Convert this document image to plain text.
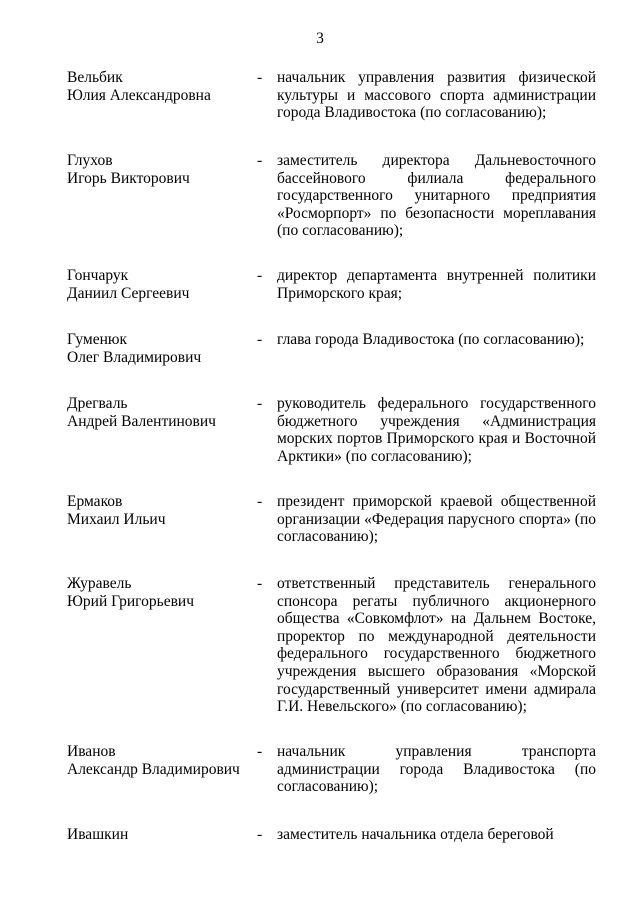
3
Вельбик
Юлия Александровна
- начальник управления развития физической культуры и массового спорта администрации города Владивостока (по согласованию);
Глухов
Игорь Викторович
- заместитель директора Дальневосточного бассейнового филиала федерального государственного унитарного предприятия «Росморпорт» по безопасности мореплавания (по согласованию);
Гончарук
Даниил Сергеевич
- директор департамента внутренней политики Приморского края;
Гуменюк
Олег Владимирович
- глава города Владивостока (по согласованию);
Дрегваль
Андрей Валентинович
- руководитель федерального государственного бюджетного учреждения «Администрация морских портов Приморского края и Восточной Арктики» (по согласованию);
Ермаков
Михаил Ильич
- президент приморской краевой общественной организации «Федерация парусного спорта» (по согласованию);
Журавель
Юрий Григорьевич
- ответственный представитель генерального спонсора регаты публичного акционерного общества «Совкомфлот» на Дальнем Востоке, проректор по международной деятельности федерального государственного бюджетного учреждения высшего образования «Морской государственный университет имени адмирала Г.И. Невельского» (по согласованию);
Иванов
Александр Владимирович
- начальник управления транспорта администрации города Владивостока (по согласованию);
Ивашкин	- заместитель начальника отдела береговой
